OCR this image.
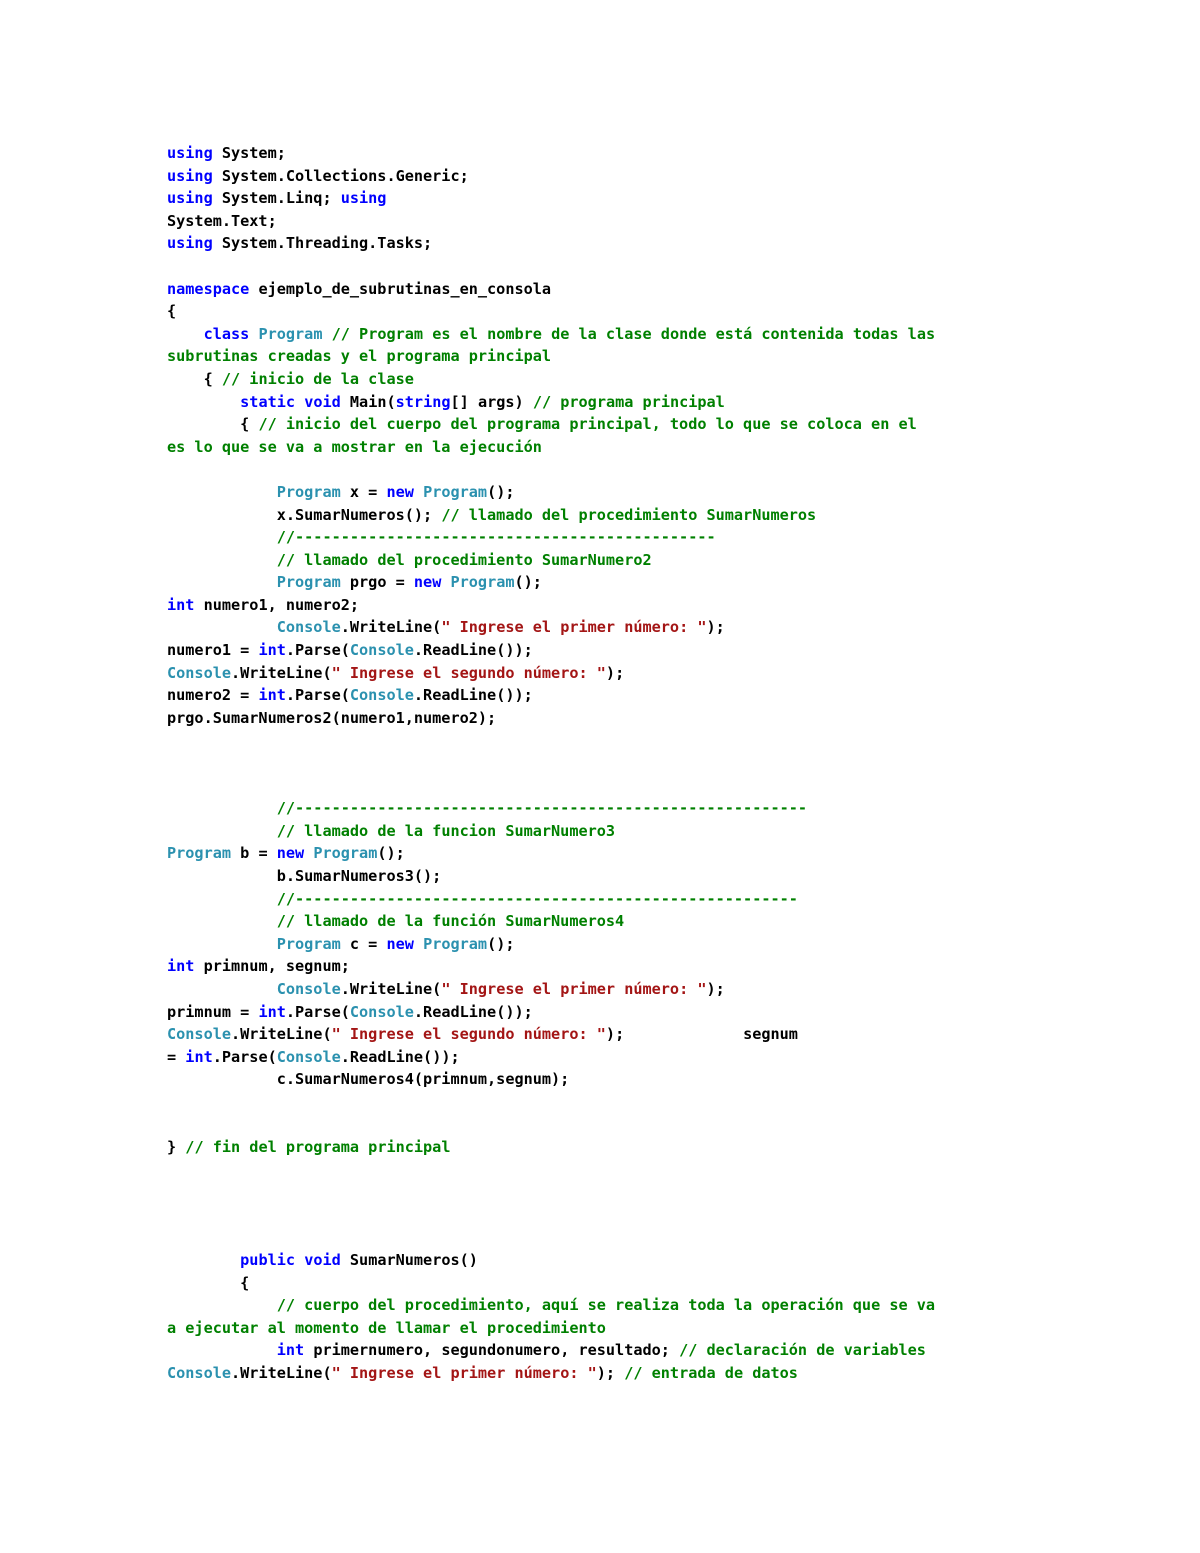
using System;
using System.Collections.Generic;
using System.Linq; using
System.Text;
using System.Threading.Tasks;
namespace ejemplo_de_subrutinas_en_consola
{
class Program // Program es el nombre de la clase donde está contenida todas las
subrutinas creadas y el programa principal
{ // inicio de la clase
static void Main(string[] args) // programa principal
{ // inicio del cuerpo del programa principal, todo lo que se coloca en el
es lo que se va a mostrar en la ejecución
Program x = new Program();
x.SumarNumeros(); // llamado del procedimiento SumarNumeros
//----------------------------------------------
// llamado del procedimiento SumarNumero2
Program prgo = new Program();
int numero1, numero2;
Console.WriteLine(" Ingrese el primer número: ");
numero1 = int.Parse(Console.ReadLine());
Console.WriteLine(" Ingrese el segundo número: ");
numero2 = int.Parse(Console.ReadLine());
prgo.SumarNumeros2(numero1,numero2);
//--------------------------------------------------------
// llamado de la funcion SumarNumero3
Program b = new Program();
b.SumarNumeros3();
//-------------------------------------------------------
// llamado de la función SumarNumeros4
Program c = new Program();
int primnum, segnum;
Console.WriteLine(" Ingrese el primer número: ");
primnum = int.Parse(Console.ReadLine());
Console.WriteLine(" Ingrese el segundo número: ");             segnum
= int.Parse(Console.ReadLine());
c.SumarNumeros4(primnum,segnum);
} // fin del programa principal
public void SumarNumeros()
{
// cuerpo del procedimiento, aquí se realiza toda la operación que se va
a ejecutar al momento de llamar el procedimiento
int primernumero, segundonumero, resultado; // declaración de variables
Console.WriteLine(" Ingrese el primer número: "); // entrada de datos
